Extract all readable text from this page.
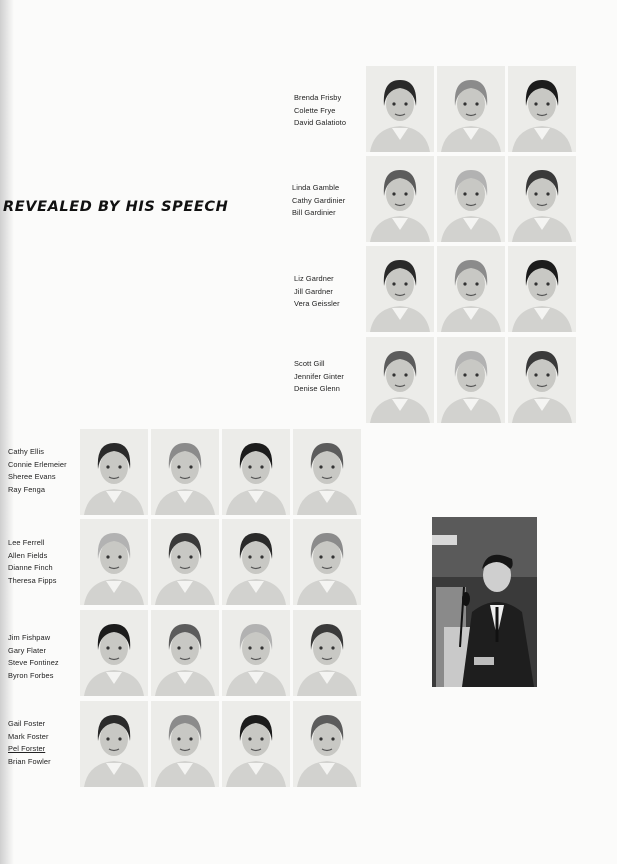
REVEALED BY HIS SPEECH
Brenda Frisby
Colette Frye
David Galatioto
Linda Gamble
Cathy Gardinier
Bill Gardinier
Liz Gardner
Jill Gardner
Vera Geissler
Scott Gill
Jennifer Ginter
Denise Glenn
Cathy Ellis
Connie Erlemeier
Sheree Evans
Ray Fenga
Lee Ferrell
Allen Fields
Dianne Finch
Theresa Fipps
Jim Fishpaw
Gary Flater
Steve Fontinez
Byron Forbes
Gail Foster
Mark Foster
Pel Forster
Brian Fowler
